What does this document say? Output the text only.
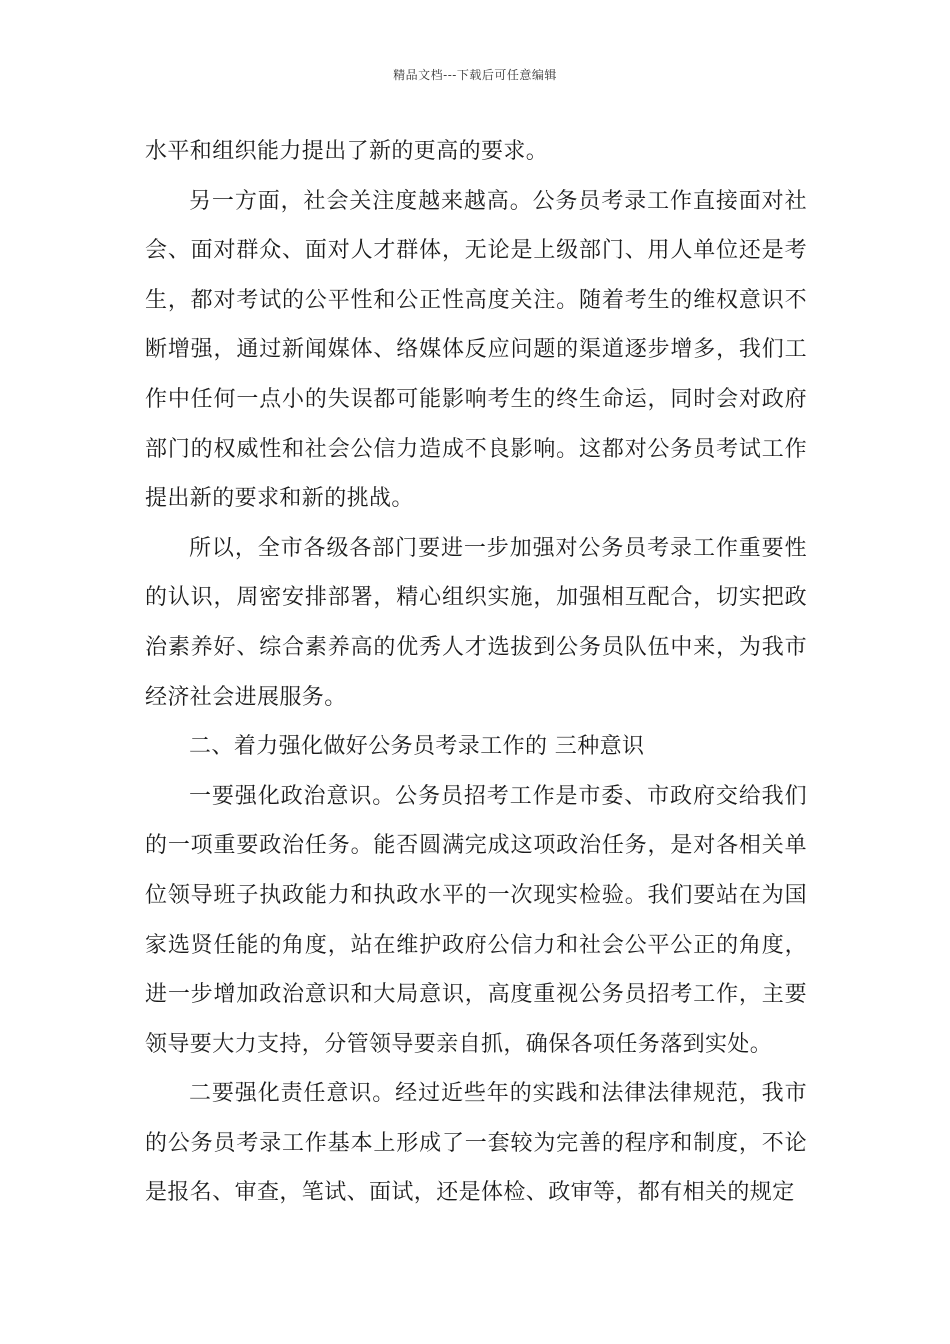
精品文档---下载后可任意编辑

水平和组织能力提出了新的更高的要求。

另一方面，社会关注度越来越高。公务员考录工作直接面对社会、面对群众、面对人才群体，无论是上级部门、用人单位还是考生，都对考试的公平性和公正性高度关注。随着考生的维权意识不断增强，通过新闻媒体、络媒体反应问题的渠道逐步增多，我们工作中任何一点小的失误都可能影响考生的终生命运，同时会对政府部门的权威性和社会公信力造成不良影响。这都对公务员考试工作提出新的要求和新的挑战。

所以，全市各级各部门要进一步加强对公务员考录工作重要性的认识，周密安排部署，精心组织实施，加强相互配合，切实把政治素养好、综合素养高的优秀人才选拔到公务员队伍中来，为我市经济社会进展服务。

二、着力强化做好公务员考录工作的 三种意识

一要强化政治意识。公务员招考工作是市委、市政府交给我们的一项重要政治任务。能否圆满完成这项政治任务，是对各相关单位领导班子执政能力和执政水平的一次现实检验。我们要站在为国家选贤任能的角度，站在维护政府公信力和社会公平公正的角度，进一步增加政治意识和大局意识，高度重视公务员招考工作，主要领导要大力支持，分管领导要亲自抓，确保各项任务落到实处。

二要强化责任意识。经过近些年的实践和法律法律规范，我市的公务员考录工作基本上形成了一套较为完善的程序和制度，不论是报名、审查，笔试、面试，还是体检、政审等，都有相关的规定
